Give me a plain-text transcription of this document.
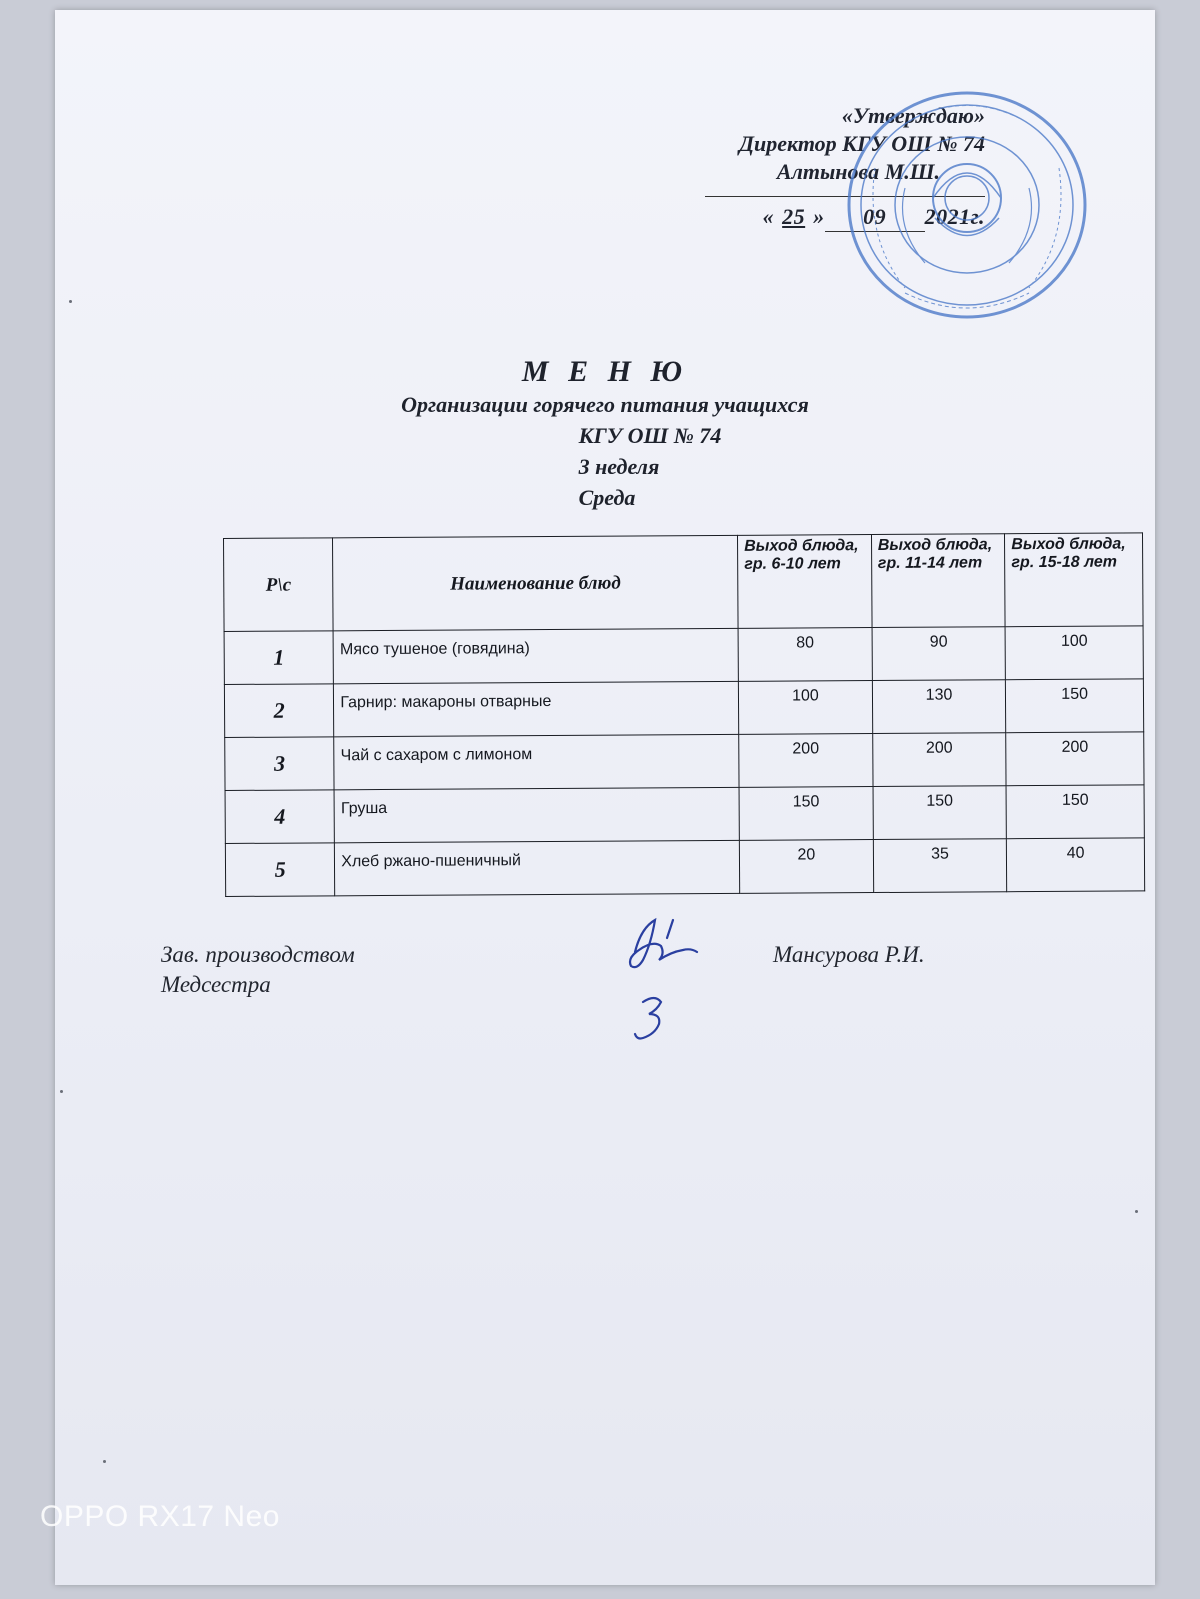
«Утверждаю»
Директор КГУ ОШ № 74
Алтынова М.Ш.
« 25 » 09 2021г.
М Е Н Ю
Организации горячего питания учащихся
КГУ ОШ № 74
3 неделя
Среда
Р\с	Наименование блюд	Выход блюда, гр. 6-10 лет	Выход блюда, гр. 11-14 лет	Выход блюда, гр. 15-18 лет
1	Мясо тушеное (говядина)	80	90	100
2	Гарнир: макароны отварные	100	130	150
3	Чай с сахаром с лимоном	200	200	200
4	Груша	150	150	150
5	Хлеб ржано-пшеничный	20	35	40
Зав. производством
Медсестра
Мансурова Р.И.
OPPO RX17 Neo
